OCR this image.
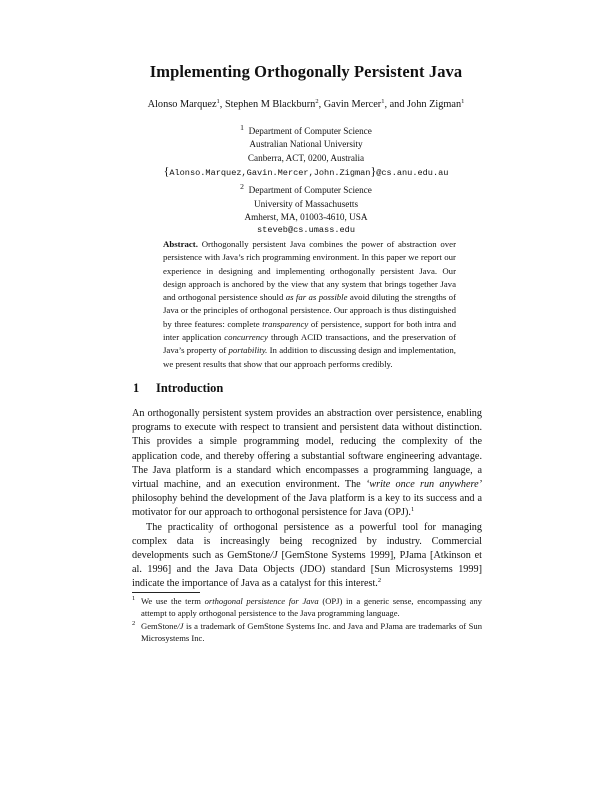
Implementing Orthogonally Persistent Java
Alonso Marquez$^1$, Stephen M Blackburn$^2$, Gavin Mercer$^1$, and John Zigman$^1$
$^1$ Department of Computer Science
Australian National University
Canberra, ACT, 0200, Australia
{Alonso.Marquez,Gavin.Mercer,John.Zigman}@cs.anu.edu.au
$^2$ Department of Computer Science
University of Massachusetts
Amherst, MA, 01003-4610, USA
steveb@cs.umass.edu
Abstract. Orthogonally persistent Java combines the power of abstraction over persistence with Java’s rich programming environment. In this paper we report our experience in designing and implementing orthogonally persistent Java. Our design approach is anchored by the view that any system that brings together Java and orthogonal persistence should as far as possible avoid diluting the strengths of Java or the principles of orthogonal persistence. Our approach is thus distinguished by three features: complete transparency of persistence, support for both intra and inter application concurrency through ACID transactions, and the preservation of Java’s property of portability. In addition to discussing design and implementation, we present results that show that our approach performs credibly.
1 Introduction

An orthogonally persistent system provides an abstraction over persistence, enabling programs to execute with respect to transient and persistent data without distinction. This provides a simple programming model, reducing the complexity of the application code, and thereby offering a substantial software engineering advantage. The Java platform is a standard which encompasses a programming language, a virtual machine, and an execution environment. The ‘write once run anywhere’ philosophy behind the development of the Java platform is a key to its success and a motivator for our approach to orthogonal persistence for Java (OPJ).$^1$

The practicality of orthogonal persistence as a powerful tool for managing complex data is increasingly being recognized by industry. Commercial developments such as GemStone/J [GemStone Systems 1999], PJama [Atkinson et al. 1996] and the Java Data Objects (JDO) standard [Sun Microsystems 1999] indicate the importance of Java as a catalyst for this interest.$^2$

$^1$ We use the term orthogonal persistence for Java (OPJ) in a generic sense, encompassing any attempt to apply orthogonal persistence to the Java programming language.

$^2$ GemStone/J is a trademark of GemStone Systems Inc. and Java and PJama are trademarks of Sun Microsystems Inc.
